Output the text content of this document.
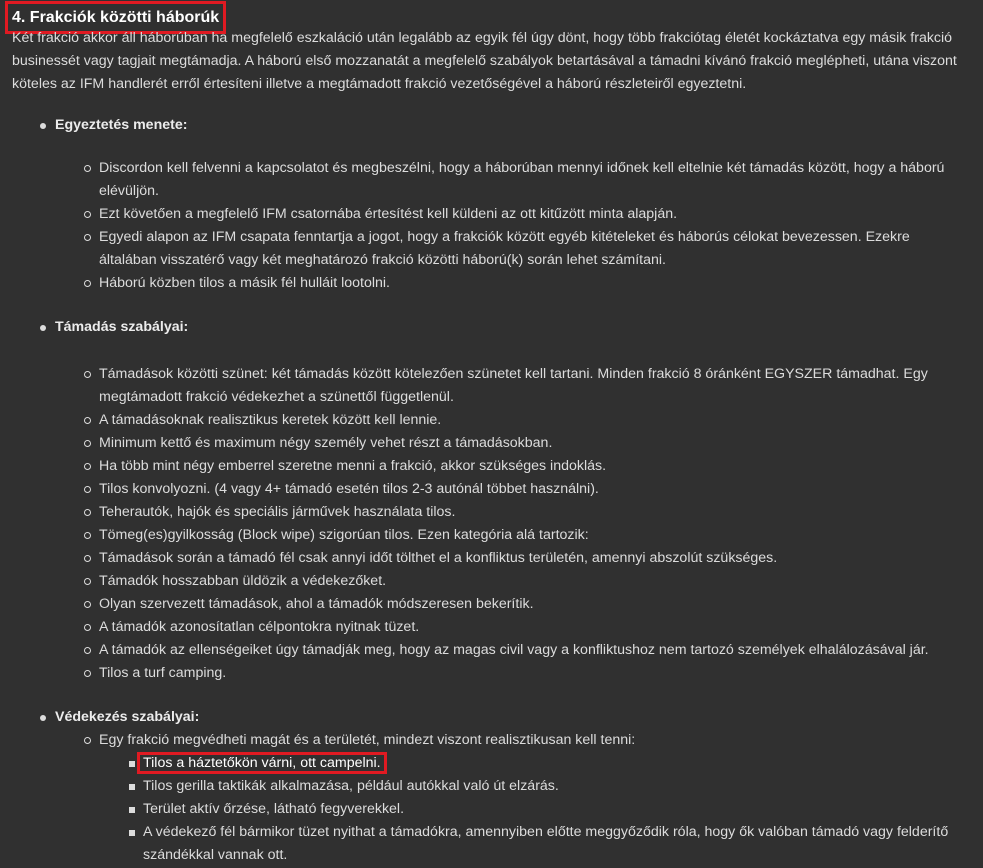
4. Frakciók közötti háborúk

Két frakció akkor áll háborúban ha megfelelő eszkaláció után legalább az egyik fél úgy dönt, hogy több frakciótag életét kockáztatva egy másik frakció businessét vagy tagjait megtámadja. A háború első mozzanatát a megfelelő szabályok betartásával a támadni kívánó frakció meglépheti, utána viszont köteles az IFM handlerét erről értesíteni illetve a megtámadott frakció vezetőségével a háború részleteiről egyeztetni.

Egyeztetés menete:

Discordon kell felvenni a kapcsolatot és megbeszélni, hogy a háborúban mennyi időnek kell eltelnie két támadás között, hogy a háború elévüljön.
Ezt követően a megfelelő IFM csatornába értesítést kell küldeni az ott kitűzött minta alapján.
Egyedi alapon az IFM csapata fenntartja a jogot, hogy a frakciók között egyéb kitételeket és háborús célokat bevezessen. Ezekre általában visszatérő vagy két meghatározó frakció közötti háború(k) során lehet számítani.
Háború közben tilos a másik fél hulláit lootolni.

Támadás szabályai:

Támadások közötti szünet: két támadás között kötelezően szünetet kell tartani. Minden frakció 8 óránként EGYSZER támadhat. Egy megtámadott frakció védekezhet a szünettől függetlenül.
A támadásoknak realisztikus keretek között kell lennie.
Minimum kettő és maximum négy személy vehet részt a támadásokban.
Ha több mint négy emberrel szeretne menni a frakció, akkor szükséges indoklás.
Tilos konvolyozni. (4 vagy 4+ támadó esetén tilos 2-3 autónál többet használni).
Teherautók, hajók és speciális járművek használata tilos.
Tömeg(es)gyilkosság (Block wipe) szigorúan tilos. Ezen kategória alá tartozik:
Támadások során a támadó fél csak annyi időt tölthet el a konfliktus területén, amennyi abszolút szükséges.
Támadók hosszabban üldözik a védekezőket.
Olyan szervezett támadások, ahol a támadók módszeresen bekerítik.
A támadók azonosítatlan célpontokra nyitnak tüzet.
A támadók az ellenségeiket úgy támadják meg, hogy az magas civil vagy a konfliktushoz nem tartozó személyek elhalálozásával jár.
Tilos a turf camping.

Védekezés szabályai:

Egy frakció megvédheti magát és a területét, mindezt viszont realisztikusan kell tenni:
Tilos a háztetőkön várni, ott campelni.
Tilos gerilla taktikák alkalmazása, például autókkal való út elzárás.
Terület aktív őrzése, látható fegyverekkel.
A védekező fél bármikor tüzet nyithat a támadókra, amennyiben előtte meggyőződik róla, hogy ők valóban támadó vagy felderítő szándékkal vannak ott.
